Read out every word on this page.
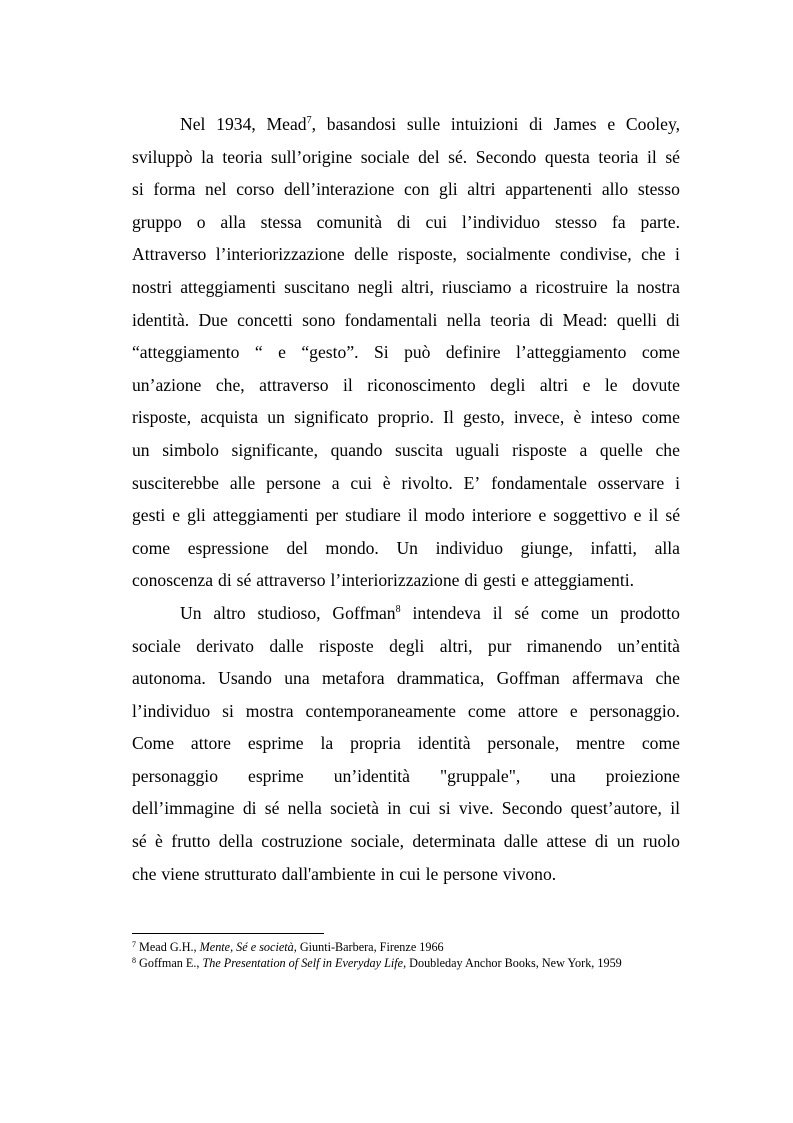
Nel 1934, Mead$^7$, basandosi sulle intuizioni di James e Cooley,
sviluppò la teoria sull’origine sociale del sé. Secondo questa teoria il sé
si forma nel corso dell’interazione con gli altri appartenenti allo stesso
gruppo o alla stessa comunità di cui l’individuo stesso fa parte.
Attraverso l’interiorizzazione delle risposte, socialmente condivise, che i
nostri atteggiamenti suscitano negli altri, riusciamo a ricostruire la nostra
identità. Due concetti sono fondamentali nella teoria di Mead: quelli di
“atteggiamento “ e “gesto”. Si può definire l’atteggiamento come
un’azione che, attraverso il riconoscimento degli altri e le dovute
risposte, acquista un significato proprio. Il gesto, invece, è inteso come
un simbolo significante, quando suscita uguali risposte a quelle che
susciterebbe alle persone a cui è rivolto. E’ fondamentale osservare i
gesti e gli atteggiamenti per studiare il modo interiore e soggettivo e il sé
come espressione del mondo. Un individuo giunge, infatti, alla
conoscenza di sé attraverso l’interiorizzazione di gesti e atteggiamenti.
Un altro studioso, Goffman$^8$ intendeva il sé come un prodotto
sociale derivato dalle risposte degli altri, pur rimanendo un’entità
autonoma. Usando una metafora drammatica, Goffman affermava che
l’individuo si mostra contemporaneamente come attore e personaggio.
Come attore esprime la propria identità personale, mentre come
personaggio esprime un’identità "gruppale", una proiezione
dell’immagine di sé nella società in cui si vive. Secondo quest’autore, il
sé è frutto della costruzione sociale, determinata dalle attese di un ruolo
che viene strutturato dall'ambiente in cui le persone vivono.
$^7$ Mead G.H., Mente, Sé e società, Giunti-Barbera, Firenze 1966
$^8$ Goffman E., The Presentation of Self in Everyday Life, Doubleday Anchor Books, New York, 1959
